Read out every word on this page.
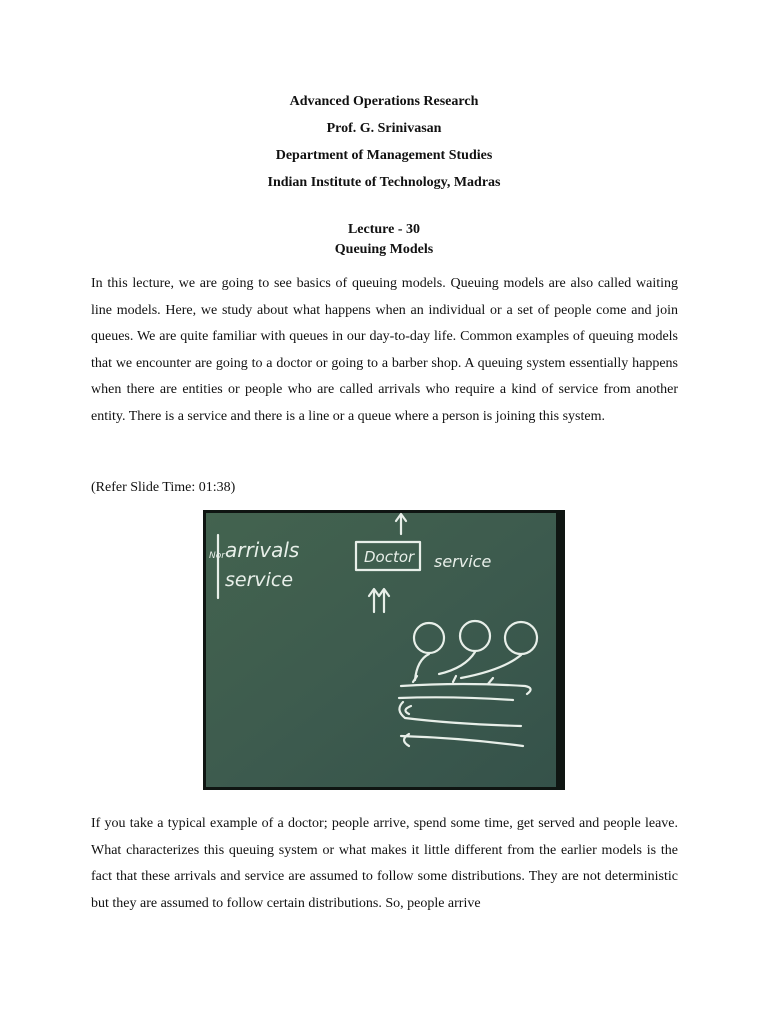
Advanced Operations Research
Prof. G. Srinivasan
Department of Management Studies
Indian Institute of Technology, Madras
Lecture - 30
Queuing Models

In this lecture, we are going to see basics of queuing models. Queuing models are also called waiting line models. Here, we study about what happens when an individual or a set of people come and join queues. We are quite familiar with queues in our day-to-day life. Common examples of queuing models that we encounter are going to a doctor or going to a barber shop. A queuing system essentially happens when there are entities or people who are called arrivals who require a kind of service from another entity. There is a service and there is a line or a queue where a person is joining this system.

(Refer Slide Time: 01:38)

Nor arrivals
service
Doctor service

If you take a typical example of a doctor; people arrive, spend some time, get served and people leave. What characterizes this queuing system or what makes it little different from the earlier models is the fact that these arrivals and service are assumed to follow some distributions. They are not deterministic but they are assumed to follow certain distributions. So, people arrive
